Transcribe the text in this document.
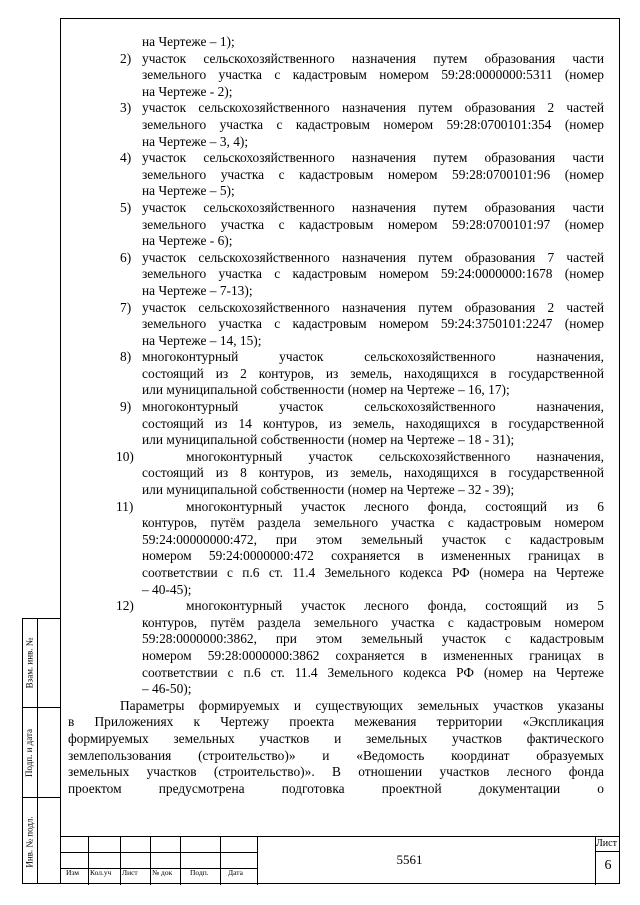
на Чертеже – 1);
2) участок сельскохозяйственного назначения путем образования части
земельного участка с кадастровым номером 59:28:0000000:5311 (номер
на Чертеже - 2);
3) участок сельскохозяйственного назначения путем образования 2 частей
земельного участка с кадастровым номером 59:28:0700101:354 (номер
на Чертеже – 3, 4);
4) участок сельскохозяйственного назначения путем образования части
земельного участка с кадастровым номером 59:28:0700101:96 (номер
на Чертеже – 5);
5) участок сельскохозяйственного назначения путем образования части
земельного участка с кадастровым номером 59:28:0700101:97 (номер
на Чертеже - 6);
6) участок сельскохозяйственного назначения путем образования 7 частей
земельного участка с кадастровым номером 59:24:0000000:1678 (номер
на Чертеже – 7-13);
7) участок сельскохозяйственного назначения путем образования 2 частей
земельного участка с кадастровым номером 59:24:3750101:2247 (номер
на Чертеже – 14, 15);
8) многоконтурный участок сельскохозяйственного назначения,
состоящий из 2 контуров, из земель, находящихся в государственной
или муниципальной собственности (номер на Чертеже – 16, 17);
9) многоконтурный участок сельскохозяйственного назначения,
состоящий из 14 контуров, из земель, находящихся в государственной
или муниципальной собственности (номер на Чертеже – 18 - 31);
10)	многоконтурный участок сельскохозяйственного назначения,
состоящий из 8 контуров, из земель, находящихся в государственной
или муниципальной собственности (номер на Чертеже – 32 - 39);
11)	многоконтурный участок лесного фонда, состоящий из 6
контуров, путём раздела земельного участка с кадастровым номером
59:24:00000000:472, при этом земельный участок с кадастровым
номером 59:24:0000000:472 сохраняется в измененных границах в
соответствии с п.6 ст. 11.4 Земельного кодекса РФ (номера на Чертеже
– 40-45);
12)	многоконтурный участок лесного фонда, состоящий из 5
контуров, путём раздела земельного участка с кадастровым номером
59:28:0000000:3862, при этом земельный участок с кадастровым
номером 59:28:0000000:3862 сохраняется в измененных границах в
соответствии с п.6 ст. 11.4 Земельного кодекса РФ (номер на Чертеже
– 46-50);
Параметры формируемых и существующих земельных участков указаны
в Приложениях к Чертежу проекта межевания территории «Экспликация
формируемых земельных участков и земельных участков фактического
землепользования (строительство)» и «Ведомость координат образуемых
земельных участков (строительство)». В отношении участков лесного фонда
проектом предусмотрена подготовка проектной документации о
Взам. инв. №
Подп. и дата
Инв. № подл.
Изм Кол.уч Лист № док Подп.	Дата
5561
Лист
6
